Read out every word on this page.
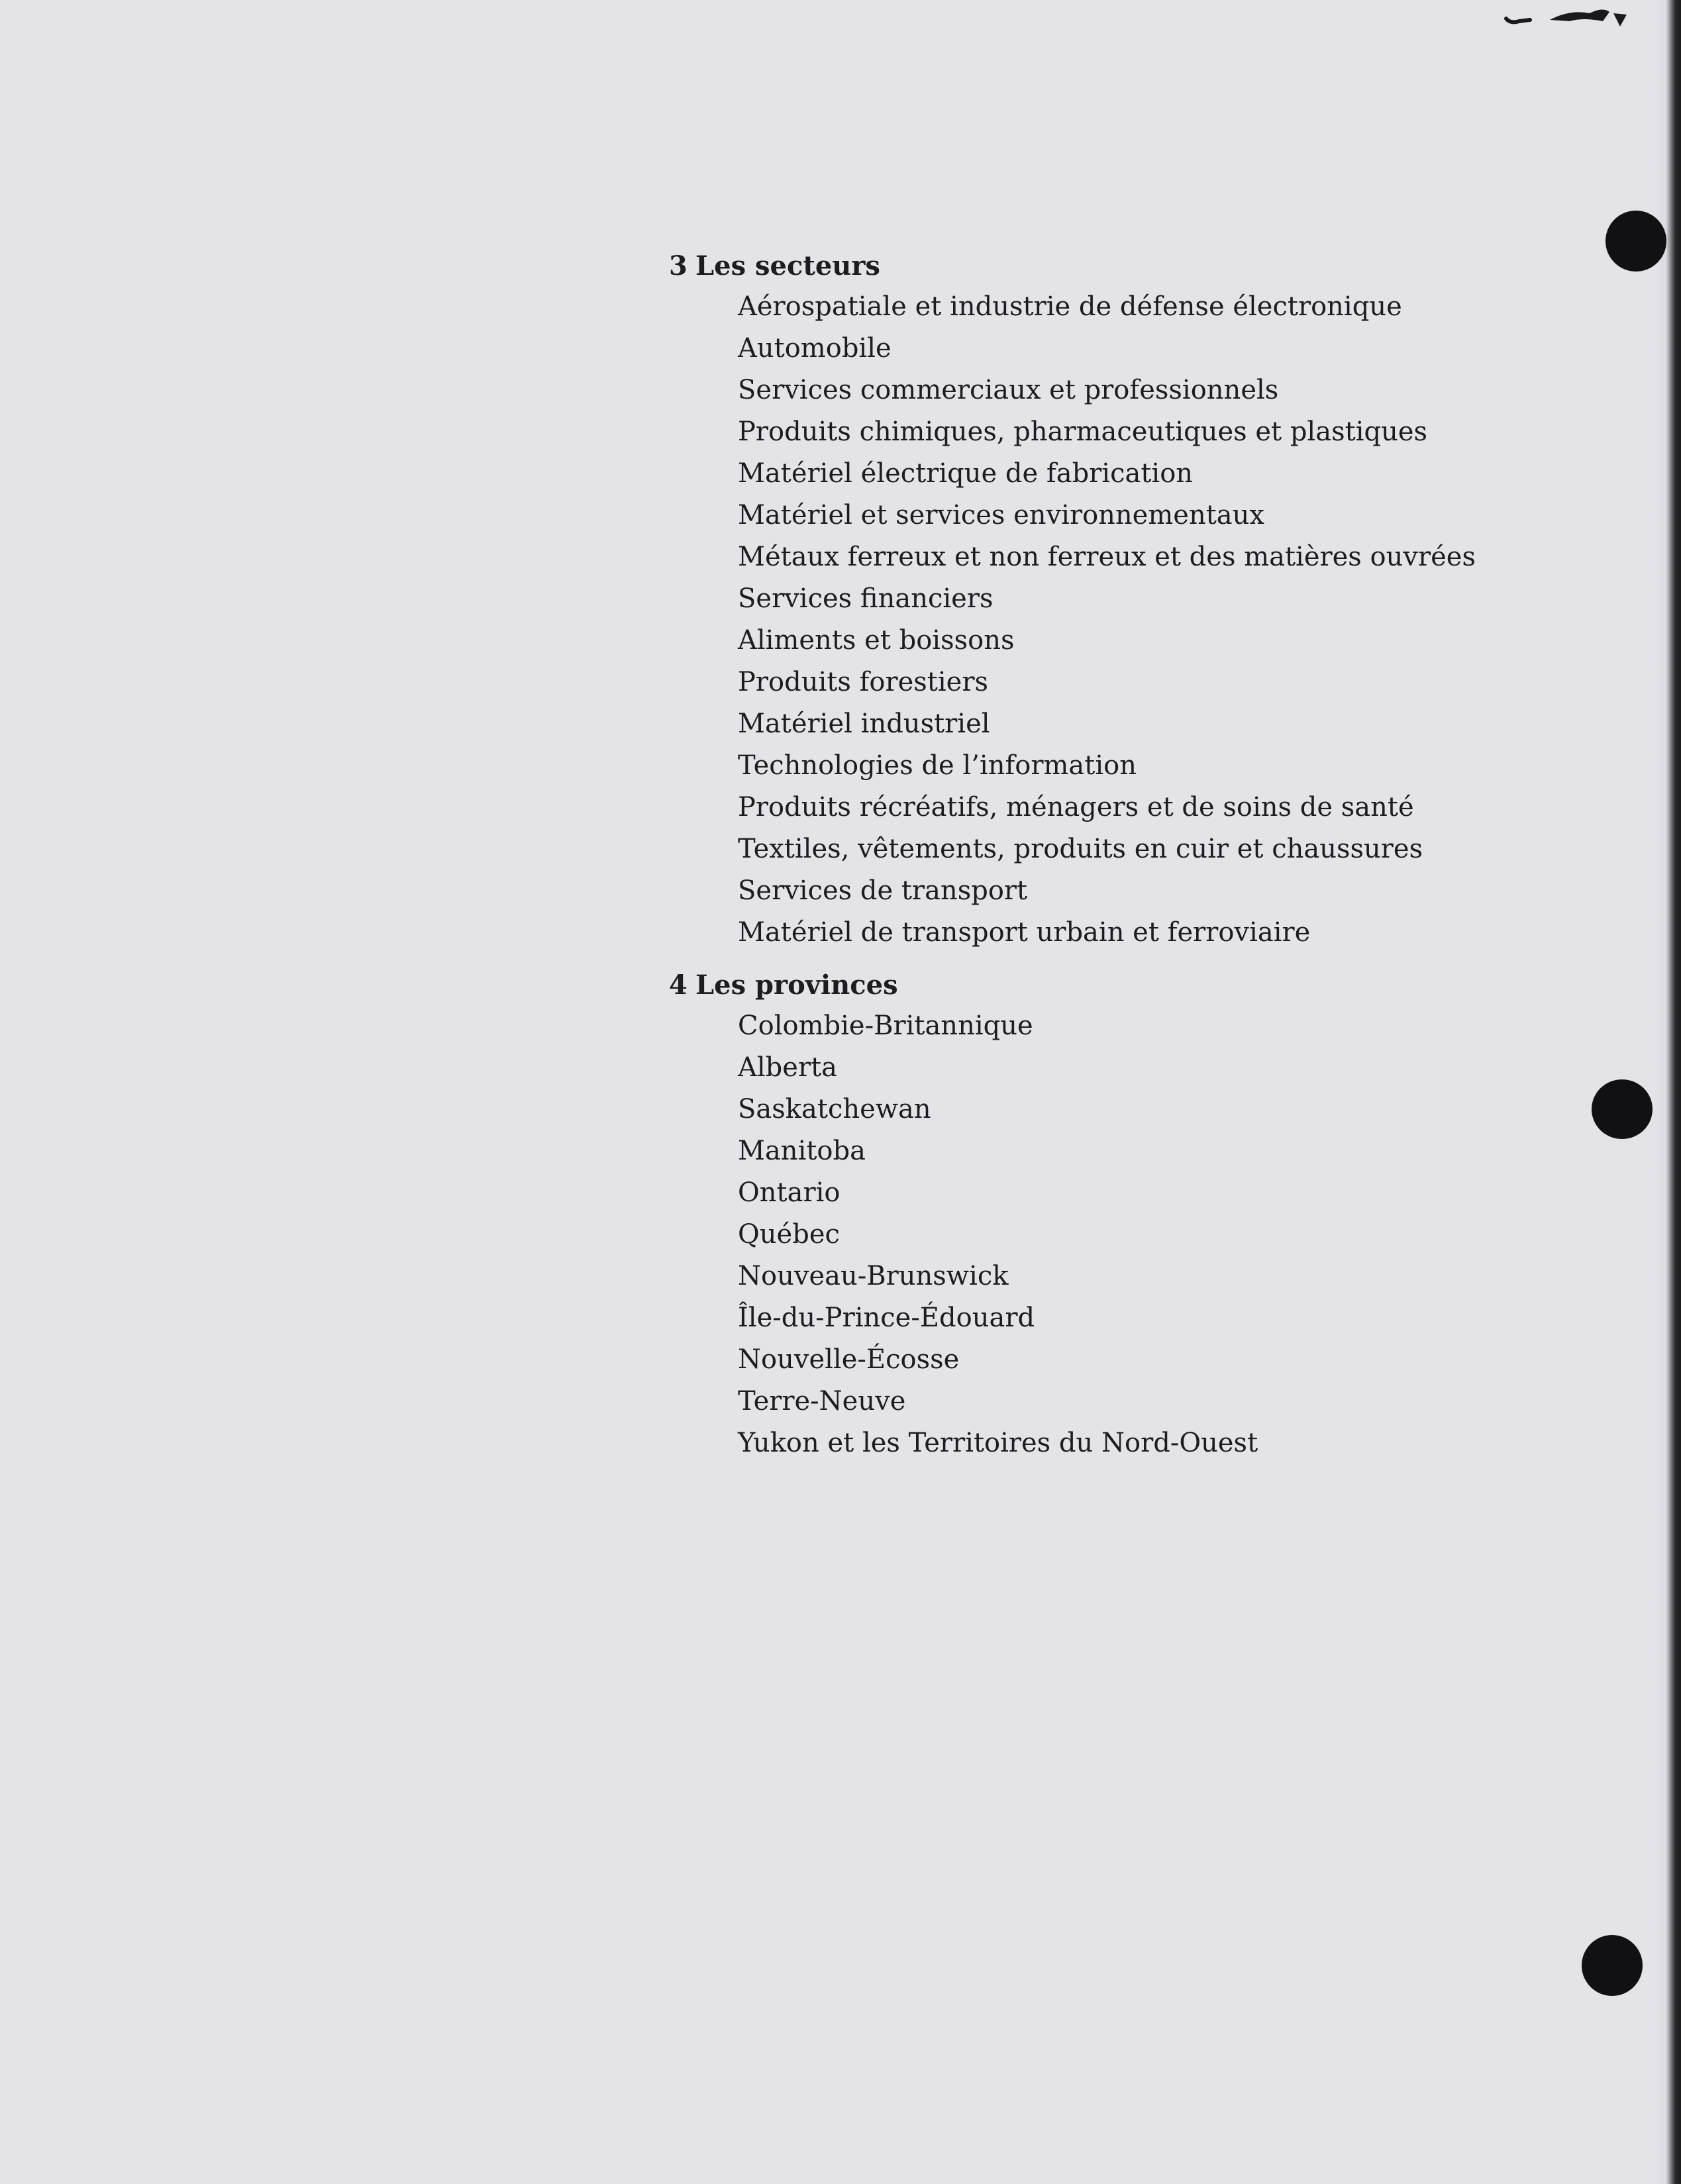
3 Les secteurs
Aérospatiale et industrie de défense électronique
Automobile
Services commerciaux et professionnels
Produits chimiques, pharmaceutiques et plastiques
Matériel électrique de fabrication
Matériel et services environnementaux
Métaux ferreux et non ferreux et des matières ouvrées
Services financiers
Aliments et boissons
Produits forestiers
Matériel industriel
Technologies de l’information
Produits récréatifs, ménagers et de soins de santé
Textiles, vêtements, produits en cuir et chaussures
Services de transport
Matériel de transport urbain et ferroviaire
4 Les provinces
Colombie-Britannique
Alberta
Saskatchewan
Manitoba
Ontario
Québec
Nouveau-Brunswick
Île-du-Prince-Édouard
Nouvelle-Écosse
Terre-Neuve
Yukon et les Territoires du Nord-Ouest
